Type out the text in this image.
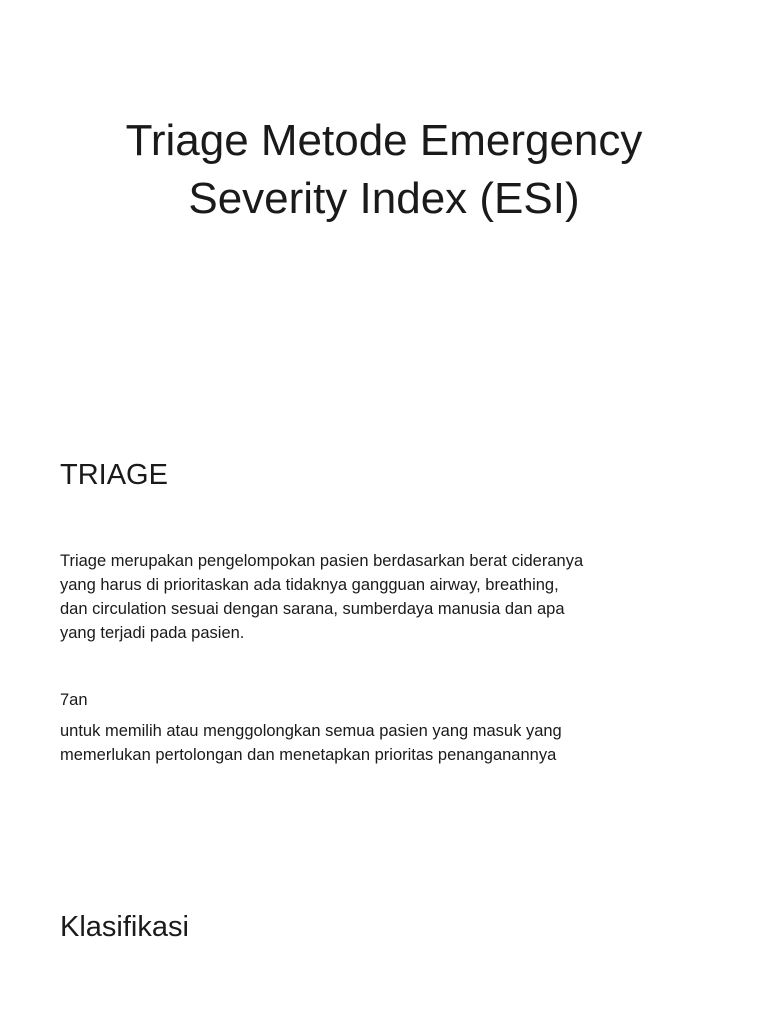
Triage Metode Emergency
Severity Index (ESI)
TRIAGE

Triage merupakan pengelompokan pasien berdasarkan berat cideranya
yang harus di prioritaskan ada tidaknya gangguan airway, breathing,
dan circulation sesuai dengan sarana, sumberdaya manusia dan apa
yang terjadi pada pasien.

7an

untuk memilih atau menggolongkan semua pasien yang masuk yang
memerlukan pertolongan dan menetapkan prioritas penanganannya

Klasifikasi
